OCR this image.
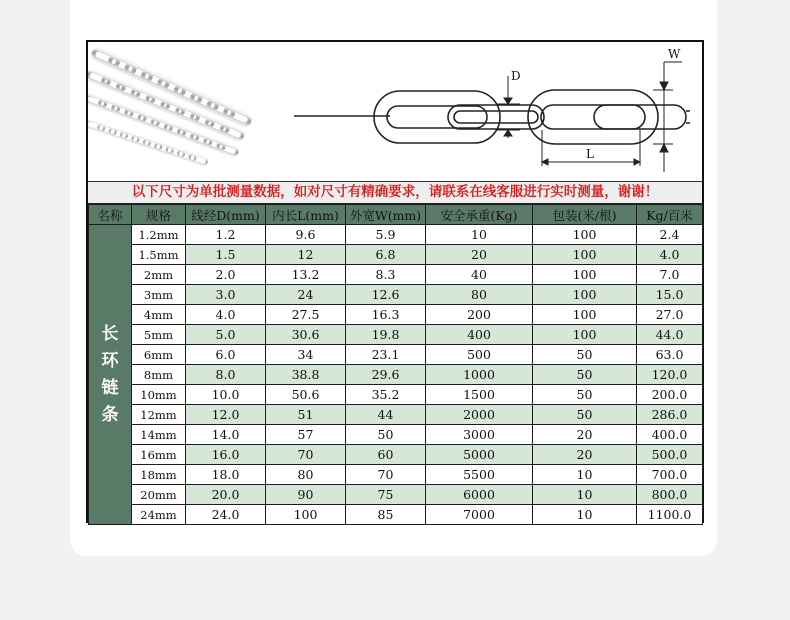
D
L
W
以下尺寸为单批测量数据，如对尺寸有精确要求，请联系在线客服进行实时测量，谢谢！
名称	规格	线经D(mm)	内长L(mm)	外宽W(mm)	安全承重(Kg)	包装(米/根)	Kg/百米

长
环
链
条	1.2mm	1.2	9.6	5.9	10	100	2.4
	1.5mm	1.5	12	6.8	20	100	4.0
	2mm	2.0	13.2	8.3	40	100	7.0
	3mm	3.0	24	12.6	80	100	15.0
	4mm	4.0	27.5	16.3	200	100	27.0
	5mm	5.0	30.6	19.8	400	100	44.0
	6mm	6.0	34	23.1	500	50	63.0
	8mm	8.0	38.8	29.6	1000	50	120.0
	10mm	10.0	50.6	35.2	1500	50	200.0
	12mm	12.0	51	44	2000	50	286.0
	14mm	14.0	57	50	3000	20	400.0
	16mm	16.0	70	60	5000	20	500.0
	18mm	18.0	80	70	5500	10	700.0
	20mm	20.0	90	75	6000	10	800.0
	24mm	24.0	100	85	7000	10	1100.0
